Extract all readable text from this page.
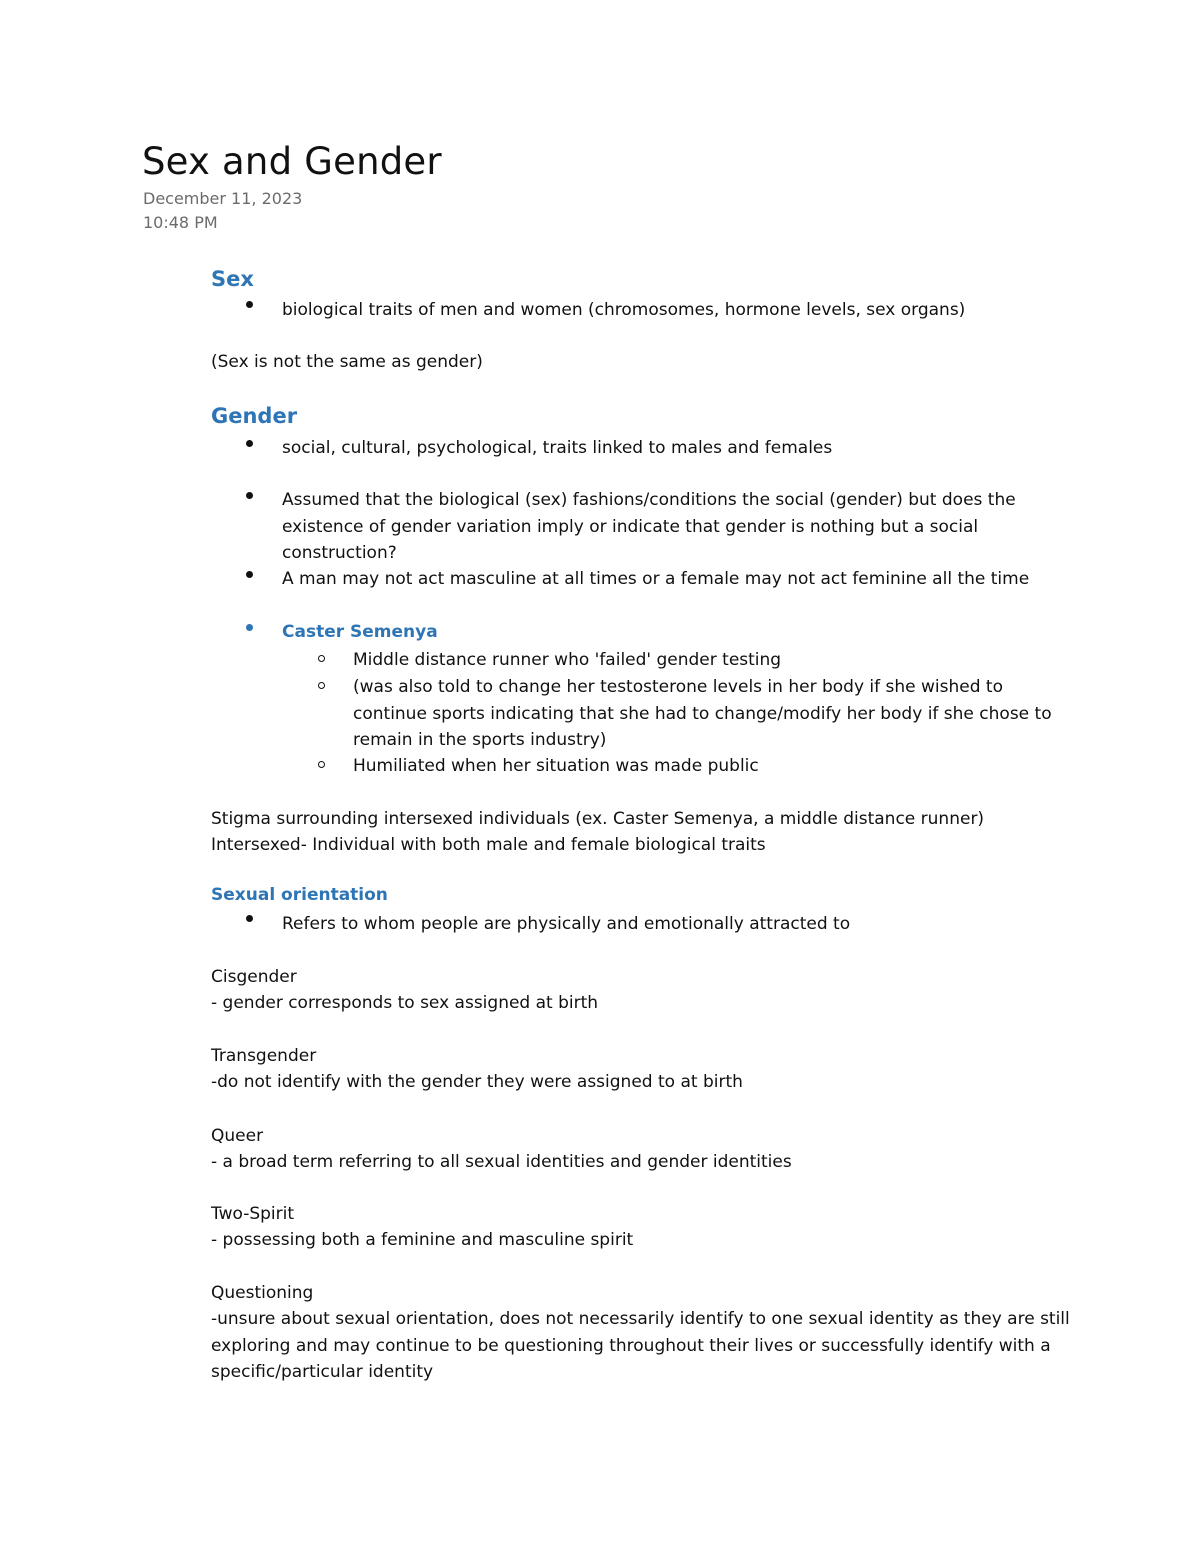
Sex and Gender
December 11, 2023
10:48 PM
Sex

biological traits of men and women (chromosomes, hormone levels, sex organs)

(Sex is not the same as gender)

Gender

social, cultural, psychological, traits linked to males and females

Assumed that the biological (sex) fashions/conditions the social (gender) but does the existence of gender variation imply or indicate that gender is nothing but a social construction?

A man may not act masculine at all times or a female may not act feminine all the time

Caster Semenya

Middle distance runner who 'failed' gender testing

(was also told to change her testosterone levels in her body if she wished to continue sports indicating that she had to change/modify her body if she chose to remain in the sports industry)

Humiliated when her situation was made public

Stigma surrounding intersexed individuals (ex. Caster Semenya, a middle distance runner)

Intersexed- Individual with both male and female biological traits

Sexual orientation

Refers to whom people are physically and emotionally attracted to

Cisgender

- gender corresponds to sex assigned at birth

Transgender

-do not identify with the gender they were assigned to at birth

Queer

- a broad term referring to all sexual identities and gender identities

Two-Spirit

- possessing both a feminine and masculine spirit

Questioning

-unsure about sexual orientation, does not necessarily identify to one sexual identity as they are still exploring and may continue to be questioning throughout their lives or successfully identify with a specific/particular identity
